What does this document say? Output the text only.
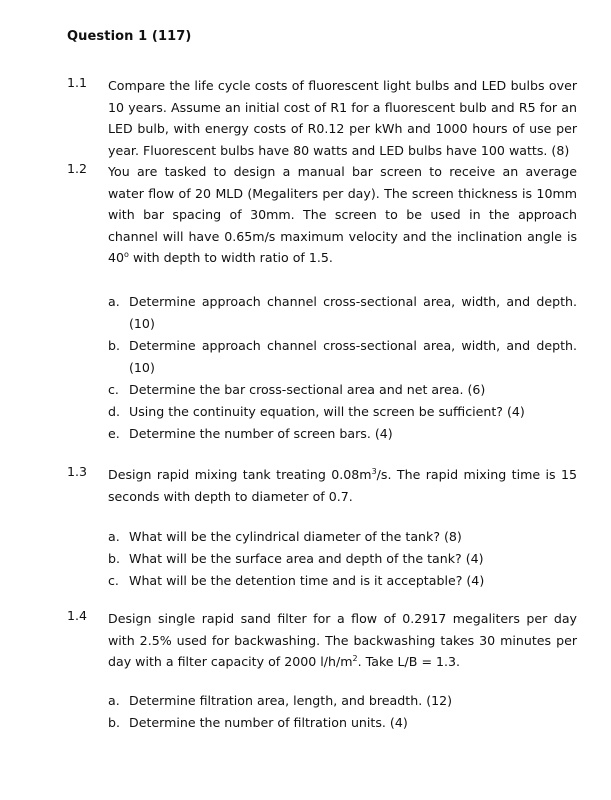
Question 1 (117)
1.1	Compare the life cycle costs of fluorescent light bulbs and LED bulbs over 10 years. Assume an initial cost of R1 for a fluorescent bulb and R5 for an LED bulb, with energy costs of R0.12 per kWh and 1000 hours of use per year. Fluorescent bulbs have 80 watts and LED bulbs have 100 watts. (8)
1.2	You are tasked to design a manual bar screen to receive an average water flow of 20 MLD (Megaliters per day). The screen thickness is 10mm with bar spacing of 30mm. The screen to be used in the approach channel will have 0.65m/s maximum velocity and the inclination angle is 40$^o$ with depth to width ratio of 1.5.
a. Determine approach channel cross-sectional area, width, and depth. (10)
b. Determine approach channel cross-sectional area, width, and depth. (10)
c. Determine the bar cross-sectional area and net area. (6)
d. Using the continuity equation, will the screen be sufficient? (4)
e. Determine the number of screen bars. (4)
1.3	Design rapid mixing tank treating $0.08m^3/s$. The rapid mixing time is 15 seconds with depth to diameter of 0.7.
a. What will be the cylindrical diameter of the tank? (8)
b. What will be the surface area and depth of the tank? (4)
c. What will be the detention time and is it acceptable? (4)
1.4	Design single rapid sand filter for a flow of 0.2917 megaliters per day with 2.5% used for backwashing. The backwashing takes 30 minutes per day with a filter capacity of 2000 $l/h/m^2$. Take L/B = 1.3.
a. Determine filtration area, length, and breadth. (12)
b. Determine the number of filtration units. (4)
